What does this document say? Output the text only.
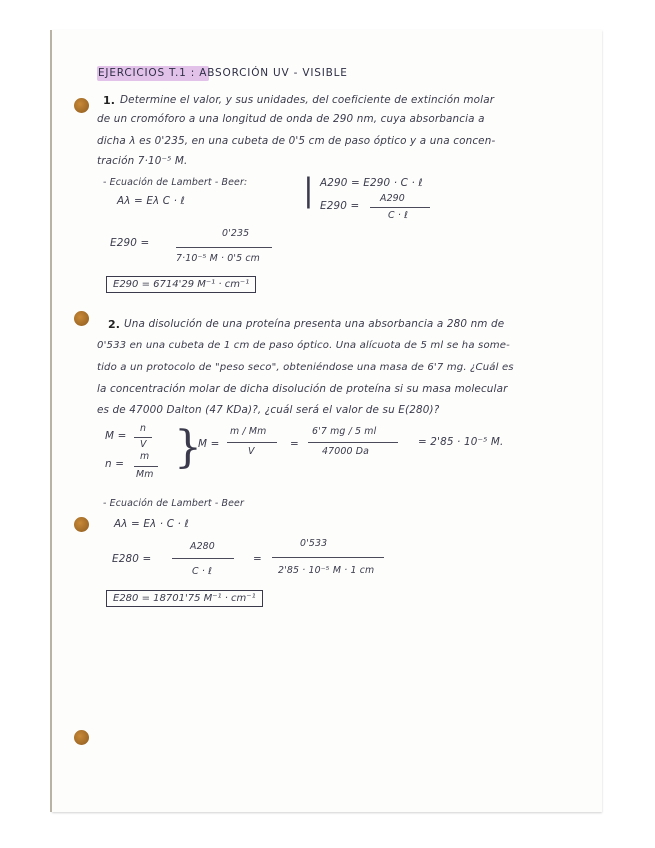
EJERCICIOS T.1 : ABSORCIÓN UV - VISIBLE
1. Determine el valor, y sus unidades, del coeficiente de extinción molar
de un cromóforo a una longitud de onda de 290 nm, cuya absorbancia a
dicha λ es 0'235, en una cubeta de 0'5 cm de paso óptico y a una concen-
tración 7·10⁻⁵ M.
- Ecuación de Lambert - Beer:
Aλ = Eλ C · ℓ	| A290 = E290 · C · ℓ
E290 =
A290
C · ℓ
E290 =
0'235
7·10⁻⁵ M · 0'5 cm
E290 = 6714'29 M⁻¹ · cm⁻¹
2. Una disolución de una proteína presenta una absorbancia a 280 nm de
0'533 en una cubeta de 1 cm de paso óptico. Una alícuota de 5 ml se ha some-
tido a un protocolo de "peso seco", obteniéndose una masa de 6'7 mg. ¿Cuál es
la concentración molar de dicha disolución de proteína si su masa molecular
es de 47000 Dalton (47 KDa)?, ¿cuál será el valor de su E(280)?
M =
n
V
n =
m
Mm
}
M =
m / Mm
V
=
6'7 mg / 5 ml
47000 Da
= 2'85 · 10⁻⁵ M.
- Ecuación de Lambert - Beer
Aλ = Eλ · C · ℓ
E280 =
A280
C · ℓ
=
0'533
2'85 · 10⁻⁵ M · 1 cm
E280 = 18701'75 M⁻¹ · cm⁻¹
